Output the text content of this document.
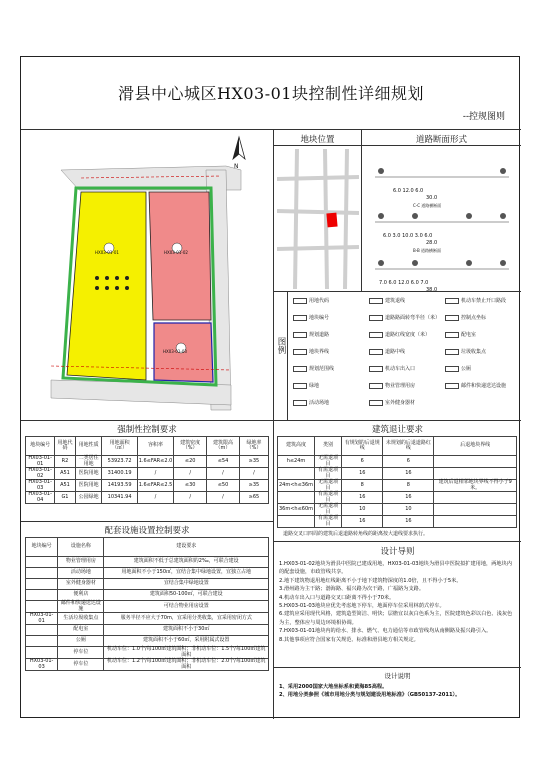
滑县中心城区HX03-01块控制性详细规划
--控规图则
HX03-01-01	HX03-01-02
HX03-01-03
N
地块位置	道路断面形式
6.0 12.0 6.0
30.0
C-C 道路横断面
6.0 3.0 10.0 3.0 6.0
28.0
B-B 道路横断面
7.0 6.0 12.0 6.0 7.0
38.0
图例
用地代码
地块编号
规划道路
地块界线
规划范围线
绿地
活动场地
建筑退线
道路路面转弯半径（米）
道路红线宽度（米）
道路中线
机动车出入口
物业管理用房
室外健身器材
机动车禁止开口路段
控制点坐标
配电室
垃圾收集点
公厕
邮件和快递送达设施
强制性控制要求
地块编号	用地代码	用地性质	用地面积（㎡）	容积率	建筑密度（%）	建筑限高（m）	绿地率（%）
HX03-01-01	R2	二类居住用地	53923.72	1.6≤FAR≤2.0	≤20	≤54	≥35
HX03-01-02	A51	医院用地	31400.19	/	/	/	/
HX03-01-03	A51	医院用地	14193.59	1.6≤FAR≤2.5	≤30	≤50	≥35
HX03-01-04	G1	公园绿地	10341.94	/	/	/	≥65
建筑退让要求
建筑高度	类别	有规划的后退规线	未规划的后退道路红线	后退地块界线
h≤24m	无需退项目	6	6	
	有需退项目	16	16	
24m<h≤36m	无需退项目	8	8	建筑后退相邻地块界线不得小于9米。
	有需退项目	16	16	
36m<h≤60m	无需退项目	10	10	
	有需退项目	16	16	
道路交叉口四周的建筑后退道路转角线的距离按大道线要求执行。
配套设施设置控制要求
地块编号	设施名称	建设要求
	物业管理用房	建筑面积不低于总建筑面积的2‰，可联合建设
	活动场地	用地面积不小于150㎡，宜结合集中绿地设置，宜独立占地
	室外健身器材	宜结合集中绿地设置
	便利店	建筑面积50-100㎡，可联合建设
	邮件和快递送达设施	可结合物业用房设置
HX03-01-01	生活垃圾收集点	服务半径不应大于70m，宜采用分类收集，宜采用密闭方式
	配电室	建筑面积不小于30㎡
	公厕	建筑面积不小于60㎡，采用附属式设置
	停车位	机动车位：1.0个/每100㎡建筑面积；非机动车位：1.5个/每100㎡建筑面积
HX03-01-03	停车位	机动车位：1.2个/每100㎡建筑面积；非机动车位：2.0个/每100㎡建筑面积
设计导则
1.HX03-01-02地块为滑县中医院已建成用地，HX03-01-03地块为滑县中医院拟扩建用地，两地块内的配套设施，市政管线共享。
2.地下建筑物退用地红线距离不小于地下建筑物深度的1.0倍，且不得小于5米。
3.滑州路为主干路；渤海路、福兴路为次干路，广福路为支路。
4.机动车出入口与道路交叉口距离不得小于70米。
5.HX03-01-03地块应优先考虑地下停车，地面停车位采用林荫式停车。
6.建筑应采用现代风格，建筑造型简洁、明快；层檐宜以灰白色系为主，医院建筑色彩以白色、浅灰色为主，整体应与周边环境相协调。
7.HX03-01-01地块内的给水、排水、燃气、电力通信等市政管线均从南侧路及振兴路引入。
8.其他事项应符合国家有关规范、标准和滑县地方相关规定。
设计说明
1、采用2000国家大地坐标系和黄海85高程。
2、用地分类参照《城市用地分类与规划建设用地标准》（GB50137-2011）。
